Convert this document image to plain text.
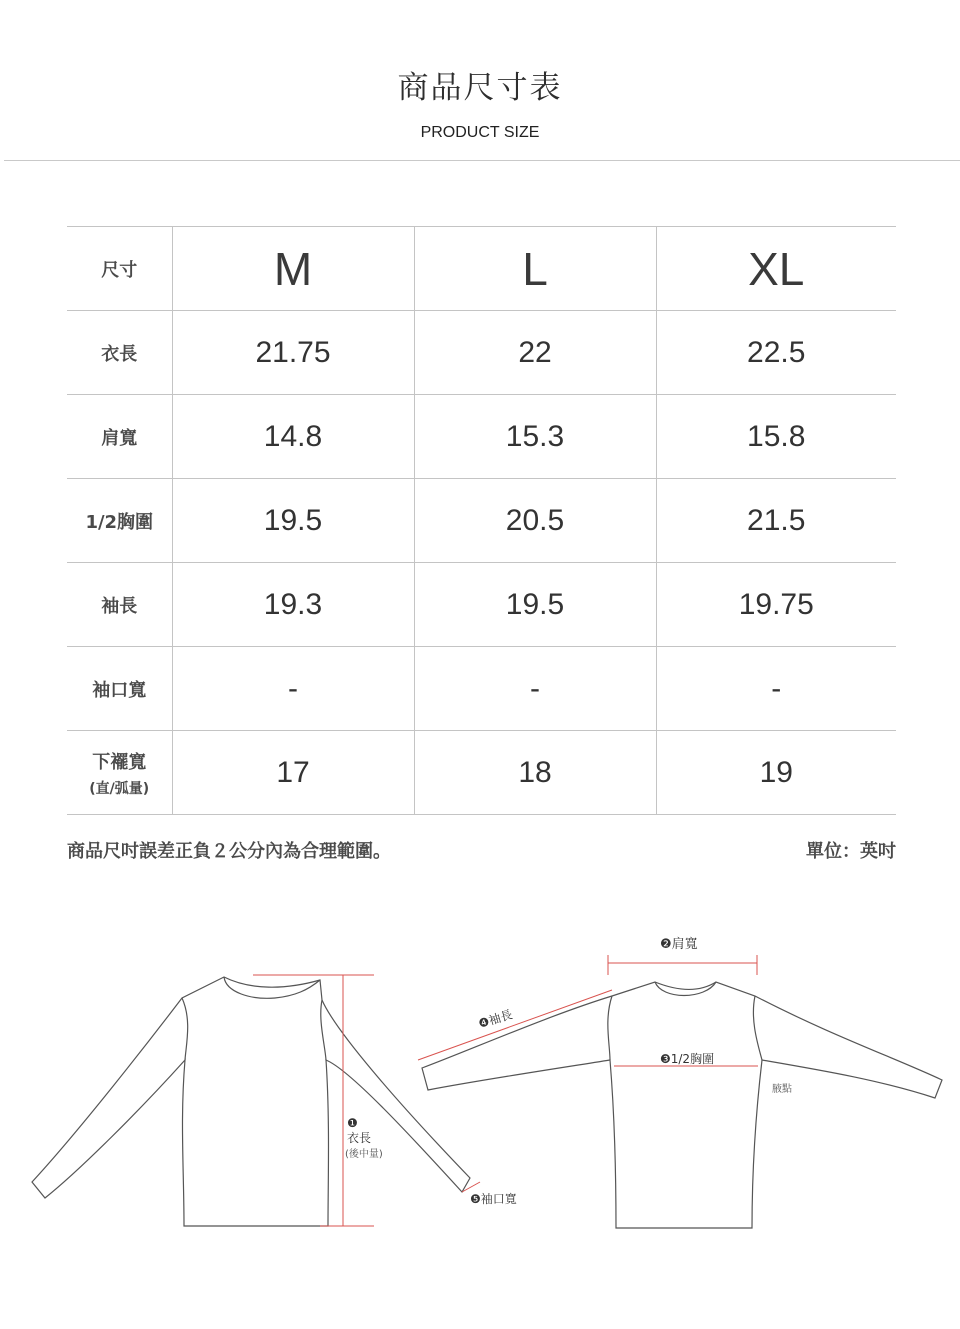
商品尺寸表
PRODUCT SIZE
尺寸	M	L	XL
衣長	21.75	22	22.5
肩寬	14.8	15.3	15.8
1/2胸圍	19.5	20.5	21.5
袖長	19.3	19.5	19.75
袖口寬	-	-	-
下襬寬
(直/弧量)	17	18	19
商品尺吋誤差正負２公分內為合理範圍。	單位：英吋
❶
衣長
(後中量)
❷肩寬
❸1/2胸圍
❹袖長
❺袖口寬
腋點
